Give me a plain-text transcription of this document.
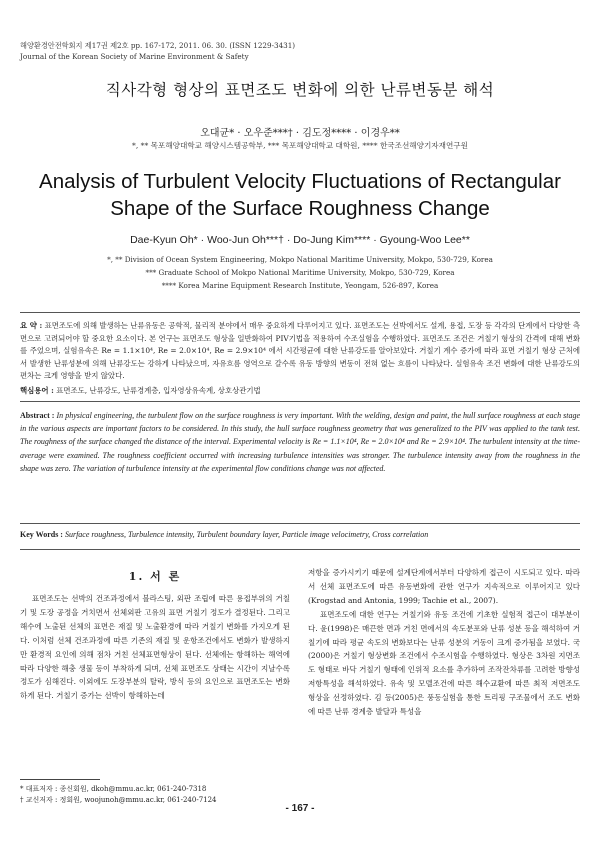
해양환경안전학회지 제17권 제2호 pp. 167-172, 2011. 06. 30. (ISSN 1229-3431)
Journal of the Korean Society of Marine Environment & Safety
직사각형 형상의 표면조도 변화에 의한 난류변동분 해석
오대균* · 오우준***† · 김도정**** · 이경우**
*, ** 목포해양대학교 해양시스템공학부, *** 목포해양대학교 대학원, **** 한국조선해양기자재연구원
Analysis of Turbulent Velocity Fluctuations of Rectangular Shape of the Surface Roughness Change
Dae-Kyun Oh* · Woo-Jun Oh***† · Do-Jung Kim**** · Gyoung-Woo Lee**
*, ** Division of Ocean System Engineering, Mokpo National Maritime University, Mokpo, 530-729, Korea
*** Graduate School of Mokpo National Maritime University, Mokpo, 530-729, Korea
**** Korea Marine Equipment Research Institute, Yeongam, 526-897, Korea
요 약 : 표면조도에 의해 발생하는 난류유동은 공학적, 물리적 분야에서 매우 중요하게 다루어지고 있다. 표면조도는 선박에서도 설계, 용접, 도장 등 각각의 단계에서 다양한 측면으로 고려되어야 할 중요한 요소이다. 본 연구는 표면조도 형상을 일반화하여 PIV기법을 적용하여 수조실험을 수행하였다. 표면조도 조건은 거칠기 형상의 간격에 대해 변화를 주었으며, 실험유속은 Re = 1.1×10⁴, Re = 2.0×10⁴, Re = 2.9×10⁴ 에서 시간평균에 대한 난류강도를 알아보았다. 거칠기 계수 증가에 따라 표면 거칠기 형상 근처에서 발생한 난류성분에 의해 난류강도는 강하게 나타났으며, 자유흐름 영역으로 갈수록 유동 방향의 변동이 전혀 없는 흐름이 나타났다. 실험유속 조건 변화에 대한 난류강도의 편차는 크게 영향을 받지 않았다.
핵심용어 : 표면조도, 난류강도, 난류경계층, 입자영상유속계, 상호상관기법
Abstract : In physical engineering, the turbulent flow on the surface roughness is very important. With the welding, design and paint, the hull surface roughness at each stage in the various aspects are important factors to be considered. In this study, the hull surface roughness geometry that was generalized to the PIV was applied to the tank test. The roughness of the surface changed the distance of the interval. Experimental velocity is Re = 1.1×10⁴, Re = 2.0×10⁴ and Re = 2.9×10⁴. The turbulent intensity at the time-average were examined. The roughness coefficient occurred with increasing turbulence intensities was stronger. The turbulence intensity away from the roughness in the shape was zero. The variation of turbulence intensity at the experimental flow conditions change was not affected.
Key Words : Surface roughness, Turbulence intensity, Turbulent boundary layer, Particle image velocimetry, Cross correlation
1. 서 론

표면조도는 선박의 건조과정에서 블라스팅, 외판 조립에 따른 용접부위의 거칠기 및 도장 공정을 거치면서 선체외판 고유의 표면 거칠기 정도가 결정된다. 그리고 해수에 노출된 선체의 표면은 재질 및 노출환경에 따라 거칠기 변화를 가지오게 된다. 이처럼 선체 건조과정에 따른 기존의 재질 및 운항조건에서도 변화가 발생하지만 환경적 요인에 의해 점차 거친 선체표면형상이 된다. 선체에는 항해하는 해역에 따라 다양한 해충 생물 등이 부착하게 되며, 선체 표면조도 상태는 시간이 지날수록 정도가 심해진다. 이외에도 도장부분의 탈락, 방식 등의 요인으로 표면조도는 변화하게 된다. 거칠기 증가는 선박이 항해하는데

저항을 증가시키기 때문에 설계단계에서부터 다양하게 접근이 시도되고 있다. 따라서 선체 표면조도에 따른 유동변화에 관한 연구가 지속적으로 이루어지고 있다(Krogstad and Antonia, 1999; Tachie et al., 2007).

표면조도에 대한 연구는 거칠기와 유동 조건에 기초한 실험적 접근이 대부분이다. 윤(1998)은 매끈한 면과 거친 면에서의 속도분포와 난류 성분 등을 해석하여 거칠기에 따라 평균 속도의 변화보다는 난류 성분의 거동이 크게 증가됨을 보였다. 국(2000)은 거칠기 형상변화 조건에서 수조시험을 수행하였다. 형상은 3차원 지면조도 형태로 바닥 거칠기 형태에 인위적 요소를 추가하여 조작잔차류를 고려한 방향성 저항특성을 해석하였다. 유속 및 모델조건에 따른 해수교환에 따른 최적 저면조도 형상을 선정하였다. 김 등(2005)은 풍동실험을 통한 트리핑 구조물에서 조도 변화에 따른 난류 경계층 발달과 특성을

* 대표저자 : 종신회원, dkoh@mmu.ac.kr, 061-240-7318
† 교신저자 : 정회원, woojunoh@mmu.ac.kr, 061-240-7124
- 167 -
